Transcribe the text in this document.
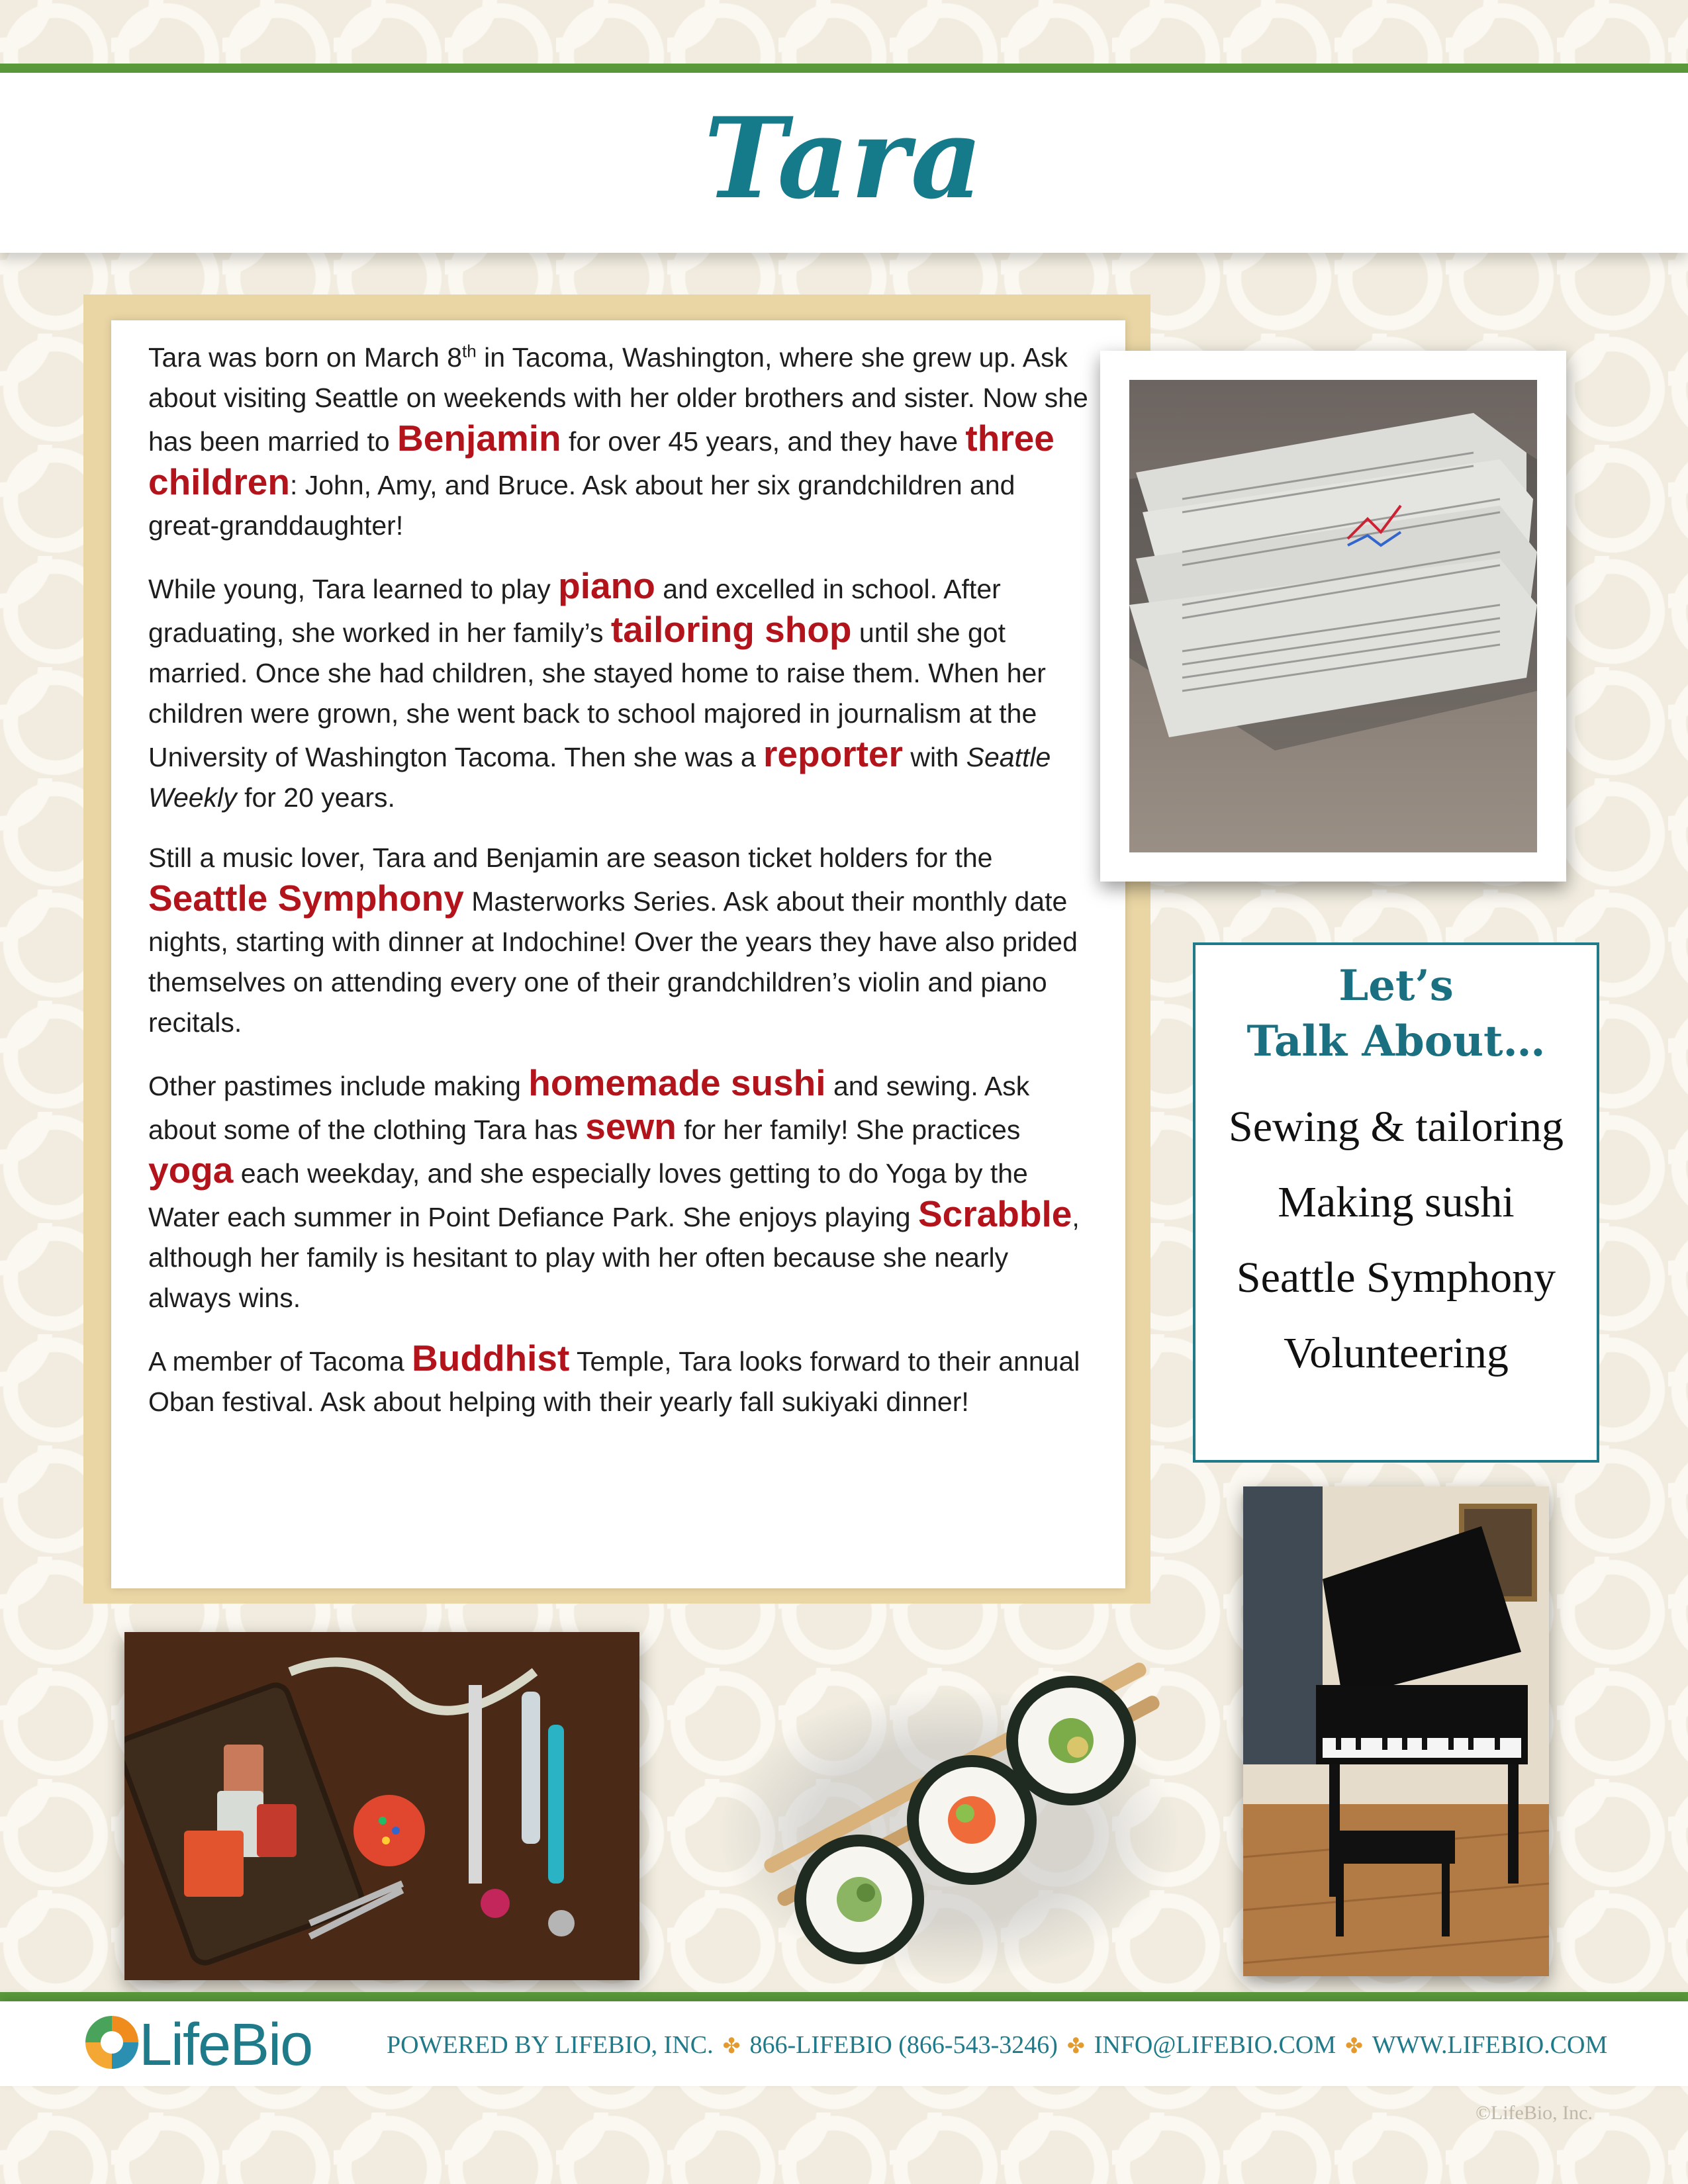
Tara

Tara was born on March 8th in Tacoma, Washington, where she grew up. Ask about visiting Seattle on weekends with her older brothers and sister. Now she has been married to Benjamin for over 45 years, and they have three children: John, Amy, and Bruce. Ask about her six grandchildren and great-granddaughter!

While young, Tara learned to play piano and excelled in school. After graduating, she worked in her family’s tailoring shop until she got married. Once she had children, she stayed home to raise them. When her children were grown, she went back to school majored in journalism at the University of Washington Tacoma. Then she was a reporter with Seattle Weekly for 20 years.

Still a music lover, Tara and Benjamin are season ticket holders for the Seattle Symphony Masterworks Series. Ask about their monthly date nights, starting with dinner at Indochine! Over the years they have also prided themselves on attending every one of their grandchildren’s violin and piano recitals.

Other pastimes include making homemade sushi and sewing. Ask about some of the clothing Tara has sewn for her family! She practices yoga each weekday, and she especially loves getting to do Yoga by the Water each summer in Point Defiance Park. She enjoys playing Scrabble, although her family is hesitant to play with her often because she nearly always wins.

A member of Tacoma Buddhist Temple, Tara looks forward to their annual Oban festival. Ask about helping with their yearly fall sukiyaki dinner!

Let’s
Talk About…
Sewing & tailoring
Making sushi
Seattle Symphony
Volunteering
LifeBio	POWERED BY LIFEBIO, INC. ✤ 866-LIFEBIO (866-543-3246) ✤ INFO@LIFEBIO.COM ✤ WWW.LIFEBIO.COM
©LifeBio, Inc.
